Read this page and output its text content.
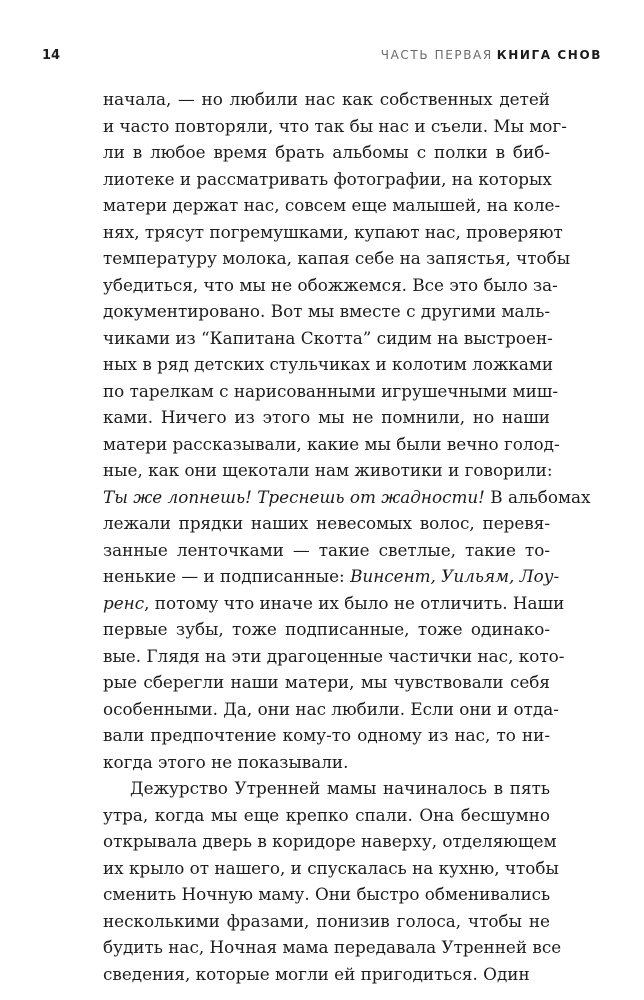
14	ЧАСТЬ ПЕРВАЯ КНИГА СНОВ
начала, — но любили нас как собственных детей
и часто повторяли, что так бы нас и съели. Мы мог-
ли в любое время брать альбомы с полки в биб-
лиотеке и рассматривать фотографии, на которых
матери держат нас, совсем еще малышей, на коле-
нях, трясут погремушками, купают нас, проверяют
температуру молока, капая себе на запястья, чтобы
убедиться, что мы не обожжемся. Все это было за-
документировано. Вот мы вместе с другими маль-
чиками из “Капитана Скотта” сидим на выстроен-
ных в ряд детских стульчиках и колотим ложками
по тарелкам с нарисованными игрушечными миш-
ками. Ничего из этого мы не помнили, но наши
матери рассказывали, какие мы были вечно голод-
ные, как они щекотали нам животики и говорили:
Ты же лопнешь! Треснешь от жадности! В альбомах
лежали прядки наших невесомых волос, перевя-
занные ленточками — такие светлые, такие то-
ненькие — и подписанные: Винсент, Уильям, Лоу-
ренс, потому что иначе их было не отличить. Наши
первые зубы, тоже подписанные, тоже одинако-
вые. Глядя на эти драгоценные частички нас, кото-
рые сберегли наши матери, мы чувствовали себя
особенными. Да, они нас любили. Если они и отда-
вали предпочтение кому-то одному из нас, то ни-
когда этого не показывали.
Дежурство Утренней мамы начиналось в пять
утра, когда мы еще крепко спали. Она бесшумно
открывала дверь в коридоре наверху, отделяющем
их крыло от нашего, и спускалась на кухню, чтобы
сменить Ночную маму. Они быстро обменивались
несколькими фразами, понизив голоса, чтобы не
будить нас, Ночная мама передавала Утренней все
сведения, которые могли ей пригодиться. Один
